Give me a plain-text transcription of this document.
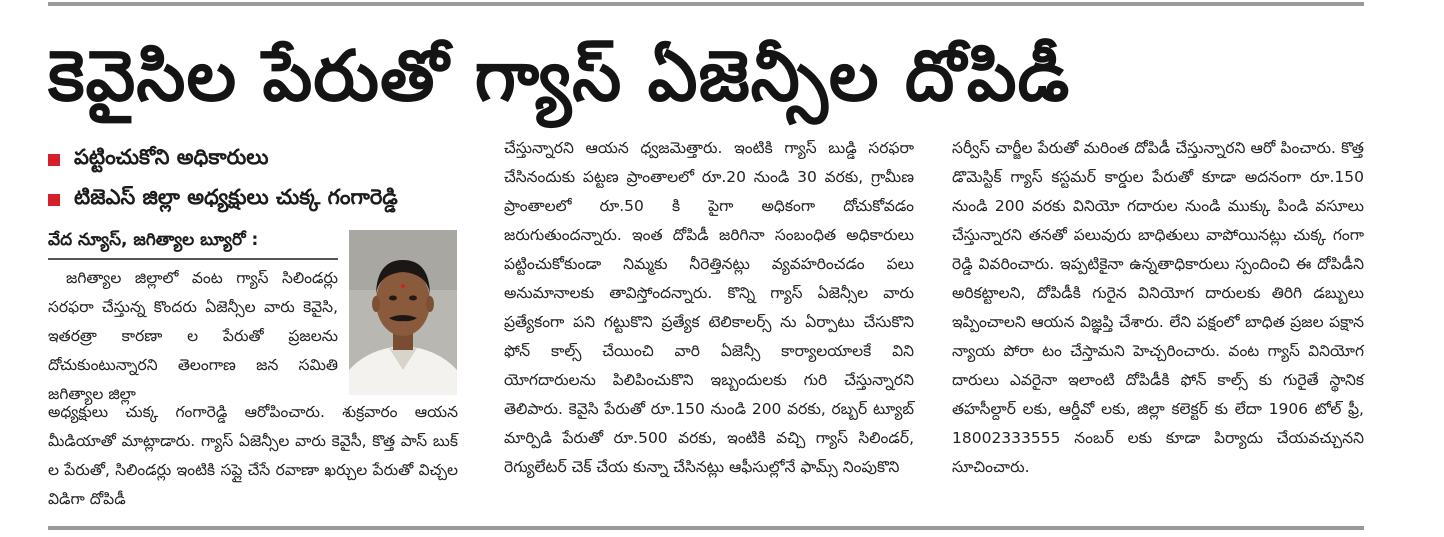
కెవైసిల పేరుతో గ్యాస్ ఏజెన్సీల దోపిడీ
పట్టించుకోని అధికారులు
టిజెఎస్ జిల్లా అధ్యక్షులు చుక్క గంగారెడ్డి
వేద న్యూస్, జగిత్యాల బ్యూరో :

జగిత్యాల జిల్లాలో వంట గ్యాస్ సిలిండర్లు సరఫరా చేస్తున్న కొందరు ఏజెన్సీల వారు కెవైసి, ఇతరత్రా కారణా ల పేరుతో ప్రజలను దోచుకుంటున్నారని తెలంగాణ జన సమితి జగిత్యాల జిల్లా

అధ్యక్షులు చుక్క గంగారెడ్డి ఆరోపించారు. శుక్రవారం ఆయన మీడియాతో మాట్లాడారు. గ్యాస్ ఏజెన్సీల వారు కెవైసీ, కొత్త పాస్ బుక్ ల పేరుతో, సిలిండర్లు ఇంటికి సప్లై చేసే రవాణా ఖర్చుల పేరుతో విచ్చల విడిగా దోపిడీ

చేస్తున్నారని ఆయన ధ్వజమెత్తారు. ఇంటికి గ్యాస్ బుడ్డి సరఫరా చేసినందుకు పట్టణ ప్రాంతాలలో రూ.20 నుండి 30 వరకు, గ్రామీణ ప్రాంతాలలో రూ.50 కి పైగా అధికంగా దోచుకోవడం జరుగుతుందన్నారు. ఇంత దోపిడీ జరిగినా సంబంధిత అధికారులు పట్టించుకోకుండా నిమ్మకు నీరెత్తినట్లు వ్యవహరించడం పలు అనుమానాలకు తావిస్తోందన్నారు. కొన్ని గ్యాస్ ఏజెన్సీల వారు ప్రత్యేకంగా పని గట్టుకొని ప్రత్యేక టెలికాలర్స్ ను ఏర్పాటు చేసుకొని ఫోన్ కాల్స్ చేయించి వారి ఏజెన్సీ కార్యాలయాలకే విని యోగదారులను పిలిపించుకొని ఇబ్బందులకు గురి చేస్తున్నారని తెలిపారు. కెవైసి పేరుతో రూ.150 నుండి 200 వరకు, రబ్బర్ ట్యూబ్ మార్పిడి పేరుతో రూ.500 వరకు, ఇంటికి వచ్చి గ్యాస్ సిలిండర్, రెగ్యులేటర్ చెక్ చేయ కున్నా చేసినట్లు ఆఫీసుల్లోనే ఫామ్స్ నింపుకొని

సర్వీస్ చార్జీల పేరుతో మరింత దోపిడీ చేస్తున్నారని ఆరో పించారు. కొత్త డొమెస్టిక్ గ్యాస్ కస్టమర్ కార్డుల పేరుతో కూడా అదనంగా రూ.150 నుండి 200 వరకు వినియో గదారుల నుండి ముక్కు పిండి వసూలు చేస్తున్నారని తనతో పలువురు బాధితులు వాపోయినట్లు చుక్క గంగా రెడ్డి వివరించారు. ఇప్పటికైనా ఉన్నతాధికారులు స్పందించి ఈ దోపిడీని అరికట్టాలని, దోపిడీకి గురైన వినియోగ దారులకు తిరిగి డబ్బులు ఇప్పించాలని ఆయన విజ్ఞప్తి చేశారు. లేని పక్షంలో బాధిత ప్రజల పక్షాన న్యాయ పోరా టం చేస్తామని హెచ్చరించారు. వంట గ్యాస్ వినియోగ దారులు ఎవరైనా ఇలాంటి దోపిడీకి ఫోన్ కాల్స్ కు గురైతే స్థానిక తహసీల్దార్ లకు, ఆర్డీవో లకు, జిల్లా కలెక్టర్ కు లేదా 1906 టోల్ ఫ్రీ, 18002333555 నంబర్ లకు కూడా పిర్యాదు చేయవచ్చునని సూచించారు.
